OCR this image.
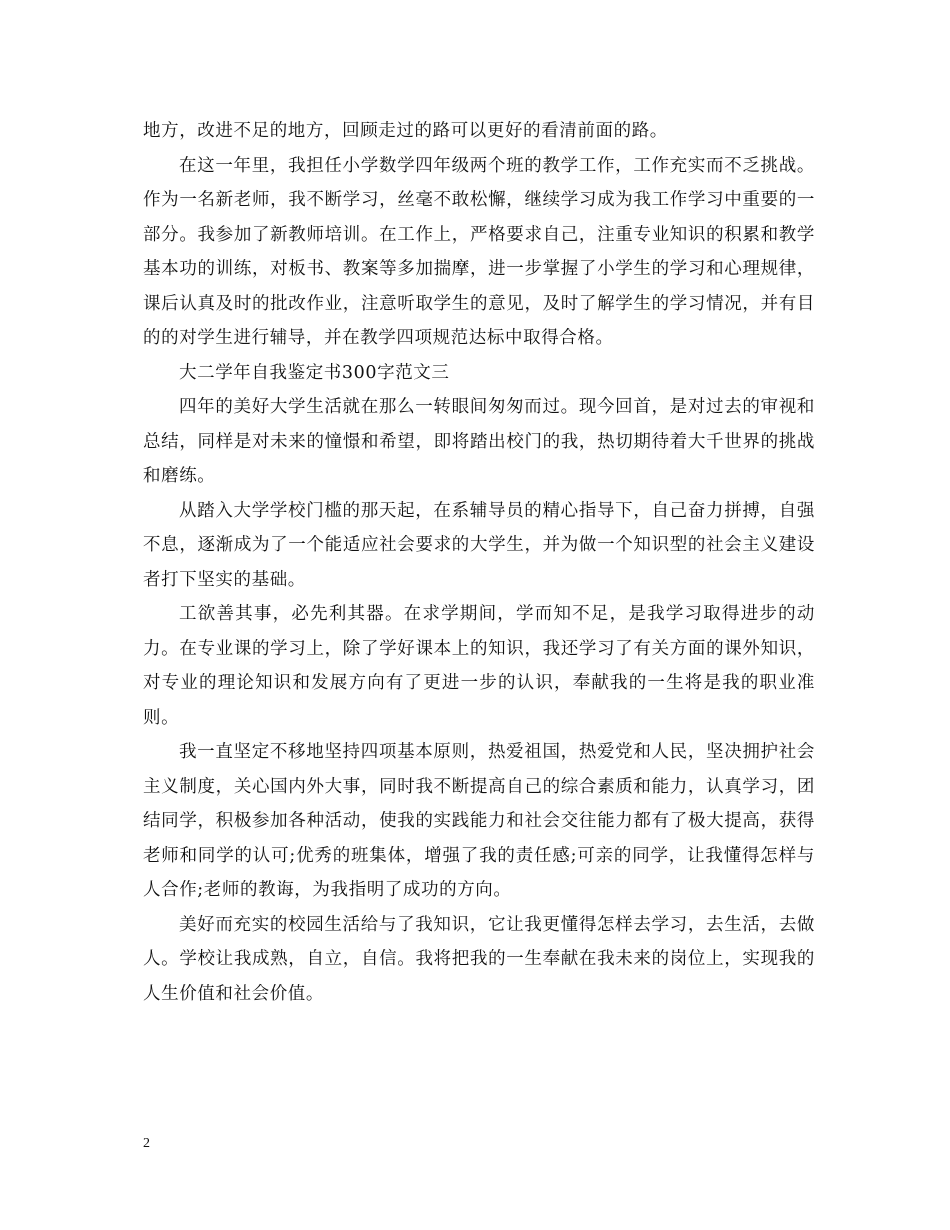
地方，改进不足的地方，回顾走过的路可以更好的看清前面的路。

在这一年里，我担任小学数学四年级两个班的教学工作，工作充实而不乏挑战。作为一名新老师，我不断学习，丝毫不敢松懈，继续学习成为我工作学习中重要的一部分。我参加了新教师培训。在工作上，严格要求自己，注重专业知识的积累和教学基本功的训练，对板书、教案等多加揣摩，进一步掌握了小学生的学习和心理规律，课后认真及时的批改作业，注意听取学生的意见，及时了解学生的学习情况，并有目的的对学生进行辅导，并在教学四项规范达标中取得合格。

大二学年自我鉴定书300字范文三

四年的美好大学生活就在那么一转眼间匆匆而过。现今回首，是对过去的审视和总结，同样是对未来的憧憬和希望，即将踏出校门的我，热切期待着大千世界的挑战和磨练。

从踏入大学学校门槛的那天起，在系辅导员的精心指导下，自己奋力拼搏，自强不息，逐渐成为了一个能适应社会要求的大学生，并为做一个知识型的社会主义建设者打下坚实的基础。

工欲善其事，必先利其器。在求学期间，学而知不足，是我学习取得进步的动力。在专业课的学习上，除了学好课本上的知识，我还学习了有关方面的课外知识，对专业的理论知识和发展方向有了更进一步的认识，奉献我的一生将是我的职业准则。

我一直坚定不移地坚持四项基本原则，热爱祖国，热爱党和人民，坚决拥护社会主义制度，关心国内外大事，同时我不断提高自己的综合素质和能力，认真学习，团结同学，积极参加各种活动，使我的实践能力和社会交往能力都有了极大提高，获得老师和同学的认可;优秀的班集体，增强了我的责任感;可亲的同学，让我懂得怎样与人合作;老师的教诲，为我指明了成功的方向。

美好而充实的校园生活给与了我知识，它让我更懂得怎样去学习，去生活，去做人。学校让我成熟，自立，自信。我将把我的一生奉献在我未来的岗位上，实现我的人生价值和社会价值。

2
